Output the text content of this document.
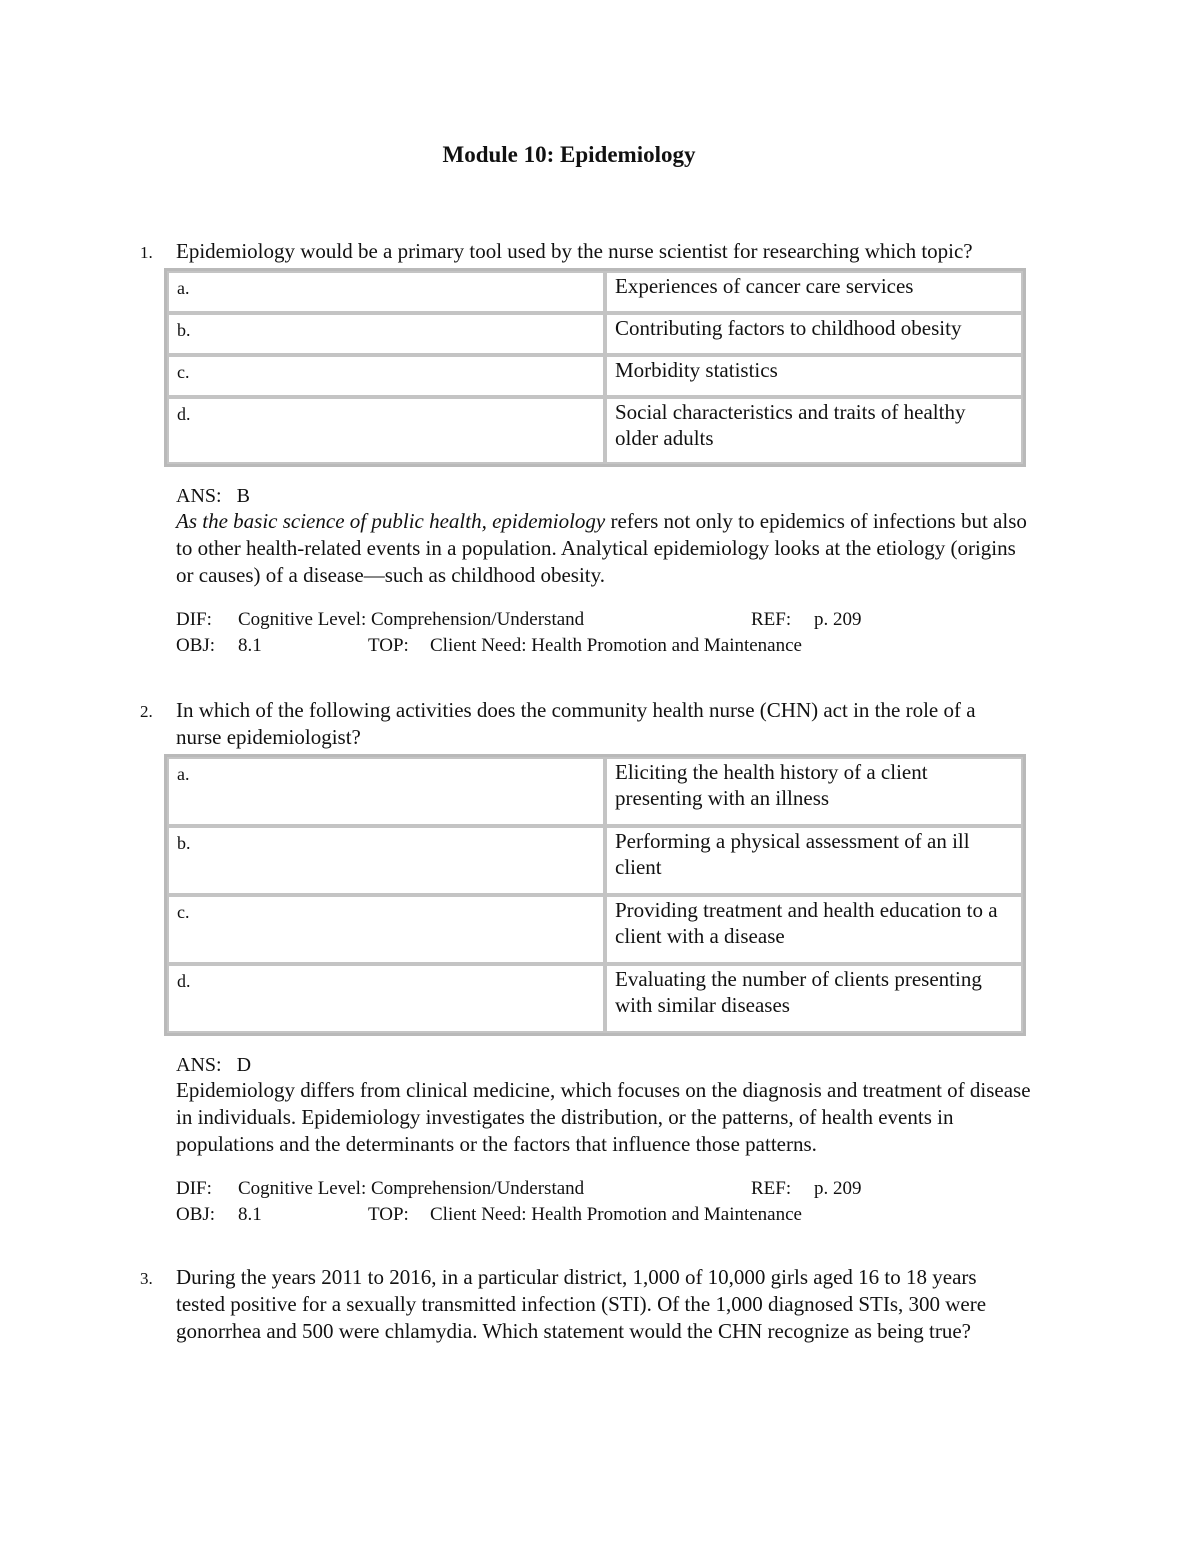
Module 10: Epidemiology
1. Epidemiology would be a primary tool used by the nurse scientist for researching which topic?
a.	Experiences of cancer care services
b.	Contributing factors to childhood obesity
c.	Morbidity statistics
d.	Social characteristics and traits of healthy older adults
ANS:   B
As the basic science of public health, epidemiology refers not only to epidemics of infections but also to other health-related events in a population. Analytical epidemiology looks at the etiology (origins or causes) of a disease—such as childhood obesity.
DIF: Cognitive Level: Comprehension/Understand	REF: p. 209
OBJ: 8.1	TOP: Client Need: Health Promotion and Maintenance
2. In which of the following activities does the community health nurse (CHN) act in the role of a nurse epidemiologist?
a.	Eliciting the health history of a client presenting with an illness
b.	Performing a physical assessment of an ill client
c.	Providing treatment and health education to a client with a disease
d.	Evaluating the number of clients presenting with similar diseases
ANS:   D
Epidemiology differs from clinical medicine, which focuses on the diagnosis and treatment of disease in individuals. Epidemiology investigates the distribution, or the patterns, of health events in populations and the determinants or the factors that influence those patterns.
DIF: Cognitive Level: Comprehension/Understand	REF: p. 209
OBJ: 8.1	TOP: Client Need: Health Promotion and Maintenance
3. During the years 2011 to 2016, in a particular district, 1,000 of 10,000 girls aged 16 to 18 years tested positive for a sexually transmitted infection (STI). Of the 1,000 diagnosed STIs, 300 were gonorrhea and 500 were chlamydia. Which statement would the CHN recognize as being true?
